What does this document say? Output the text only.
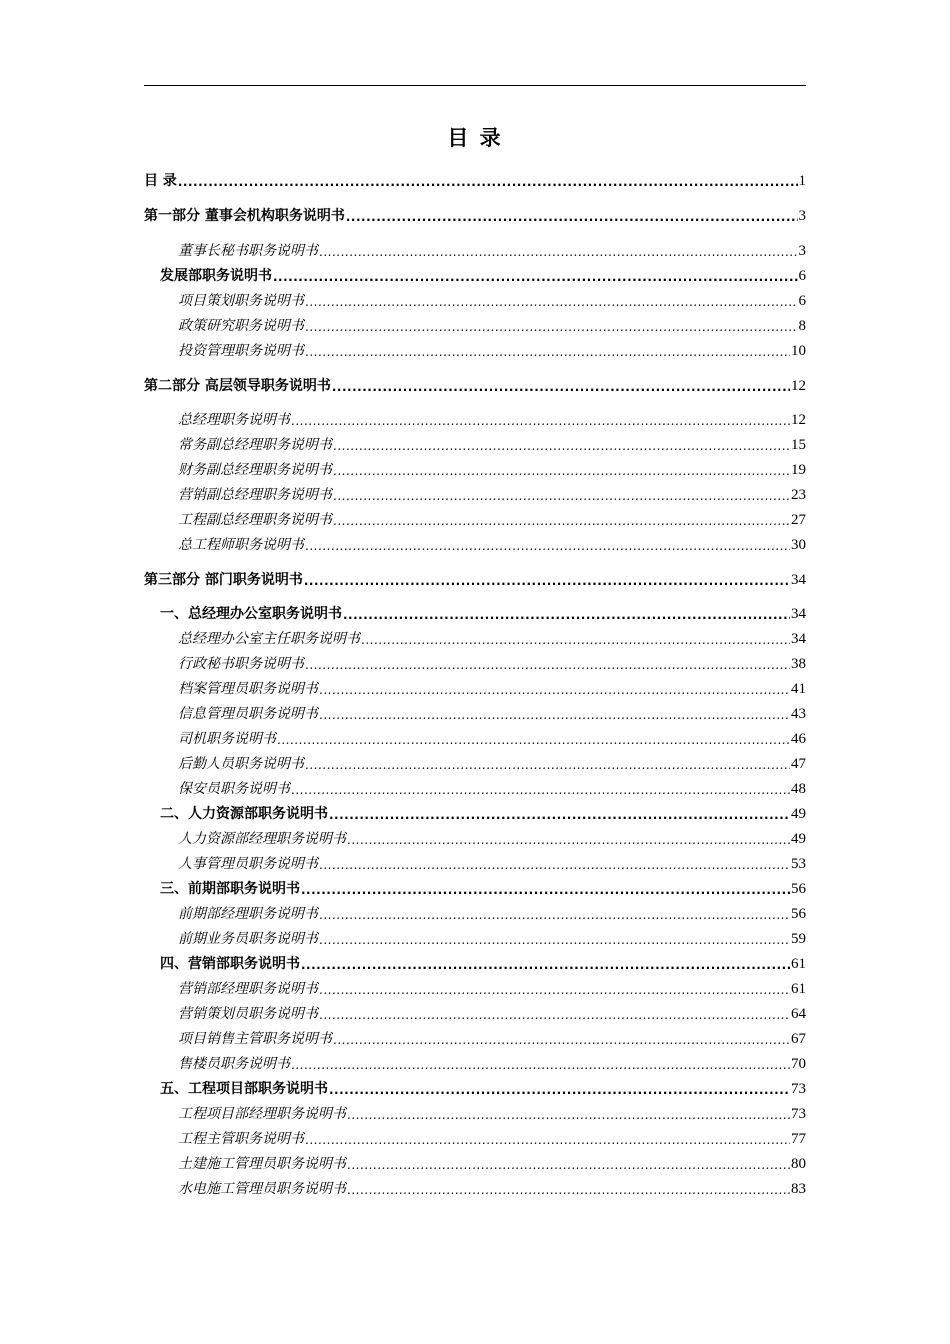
目 录
目 录 .....	1
第一部分 董事会机构职务说明书 .....	3
董事长秘书职务说明书 .....	3
发展部职务说明书 .....	6
项目策划职务说明书 .....	6
政策研究职务说明书 .....	8
投资管理职务说明书 .....	10
第二部分 高层领导职务说明书 .....	12
总经理职务说明书 .....	12
常务副总经理职务说明书 .....	15
财务副总经理职务说明书 .....	19
营销副总经理职务说明书 .....	23
工程副总经理职务说明书 .....	27
总工程师职务说明书 .....	30
第三部分 部门职务说明书 .....	34
一、总经理办公室职务说明书 .....	34
总经理办公室主任职务说明书 .....	34
行政秘书职务说明书 .....	38
档案管理员职务说明书 .....	41
信息管理员职务说明书 .....	43
司机职务说明书 .....	46
后勤人员职务说明书 .....	47
保安员职务说明书 .....	48
二、人力资源部职务说明书 .....	49
人力资源部经理职务说明书 .....	49
人事管理员职务说明书 .....	53
三、前期部职务说明书 .....	56
前期部经理职务说明书 .....	56
前期业务员职务说明书 .....	59
四、营销部职务说明书 .....	61
营销部经理职务说明书 .....	61
营销策划员职务说明书 .....	64
项目销售主管职务说明书 .....	67
售楼员职务说明书 .....	70
五、工程项目部职务说明书 .....	73
工程项目部经理职务说明书 .....	73
工程主管职务说明书 .....	77
土建施工管理员职务说明书 .....	80
水电施工管理员职务说明书 .....	83
